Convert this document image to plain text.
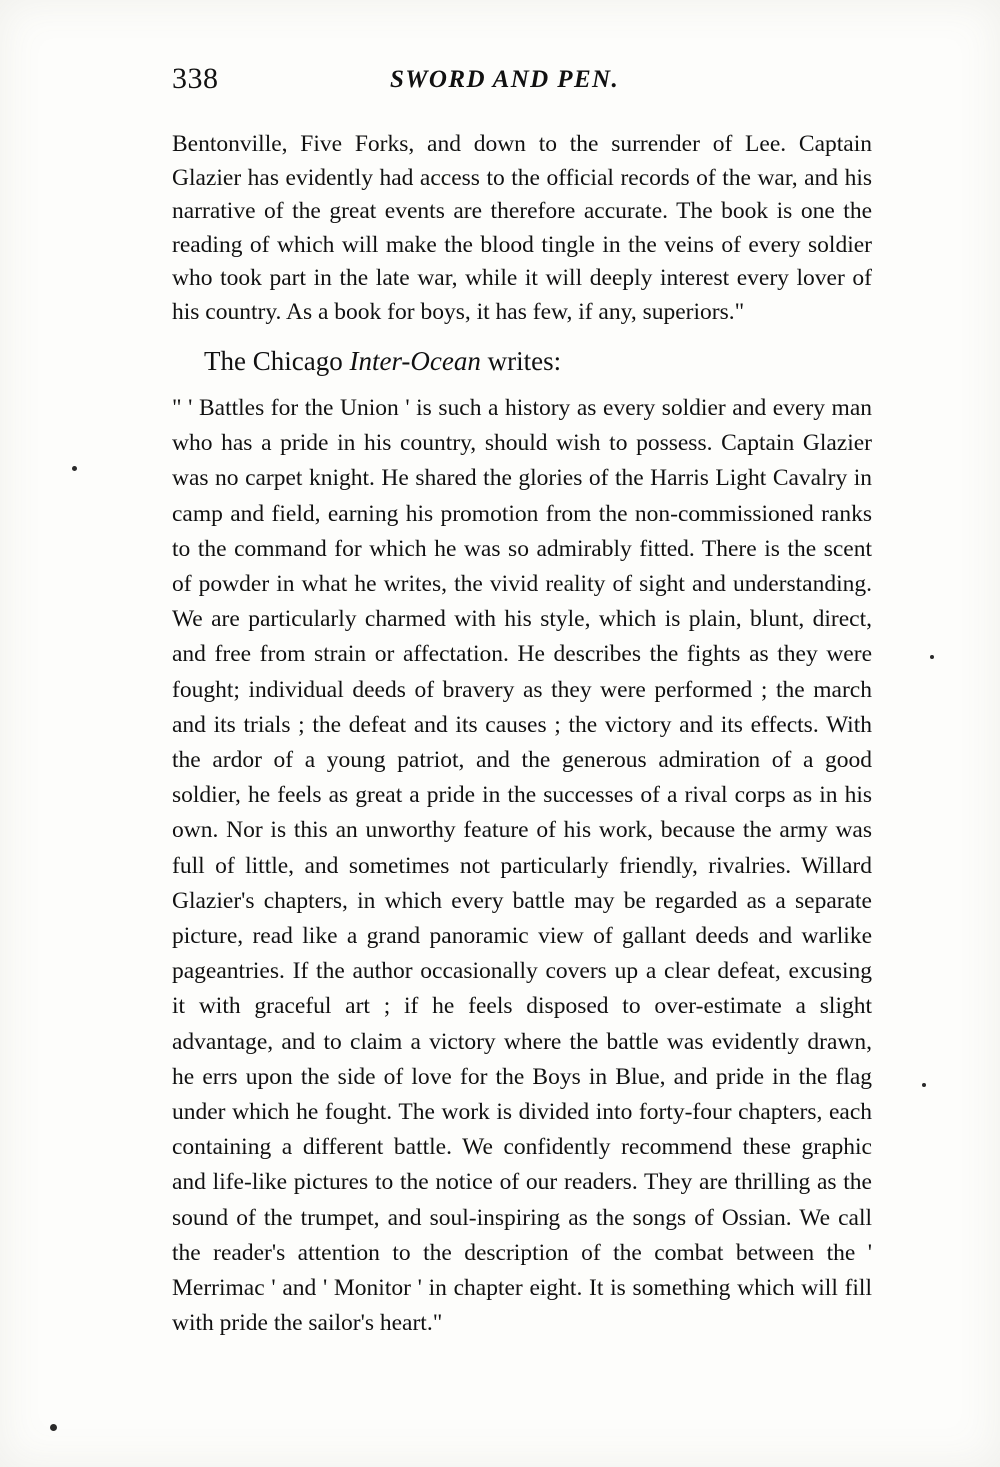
338	SWORD AND PEN.

Bentonville, Five Forks, and down to the surrender of Lee. Captain Glazier has evidently had access to the official records of the war, and his narrative of the great events are therefore accurate. The book is one the reading of which will make the blood tingle in the veins of every soldier who took part in the late war, while it will deeply interest every lover of his country. As a book for boys, it has few, if any, superiors."

The Chicago Inter-Ocean writes:

" ' Battles for the Union ' is such a history as every soldier and every man who has a pride in his country, should wish to possess. Captain Glazier was no carpet knight. He shared the glories of the Harris Light Cavalry in camp and field, earning his promotion from the non-commissioned ranks to the command for which he was so admirably fitted. There is the scent of powder in what he writes, the vivid reality of sight and understanding. We are particularly charmed with his style, which is plain, blunt, direct, and free from strain or affectation. He describes the fights as they were fought; individual deeds of bravery as they were performed ; the march and its trials ; the defeat and its causes ; the victory and its effects. With the ardor of a young patriot, and the generous admiration of a good soldier, he feels as great a pride in the successes of a rival corps as in his own. Nor is this an unworthy feature of his work, because the army was full of little, and sometimes not particularly friendly, rivalries. Willard Glazier's chapters, in which every battle may be regarded as a separate picture, read like a grand panoramic view of gallant deeds and warlike pageantries. If the author occasionally covers up a clear defeat, excusing it with graceful art ; if he feels disposed to over-estimate a slight advantage, and to claim a victory where the battle was evidently drawn, he errs upon the side of love for the Boys in Blue, and pride in the flag under which he fought. The work is divided into forty-four chapters, each containing a different battle. We confidently recommend these graphic and life-like pictures to the notice of our readers. They are thrilling as the sound of the trumpet, and soul-inspiring as the songs of Ossian. We call the reader's attention to the description of the combat between the ' Merrimac ' and ' Monitor ' in chapter eight. It is something which will fill with pride the sailor's heart."
